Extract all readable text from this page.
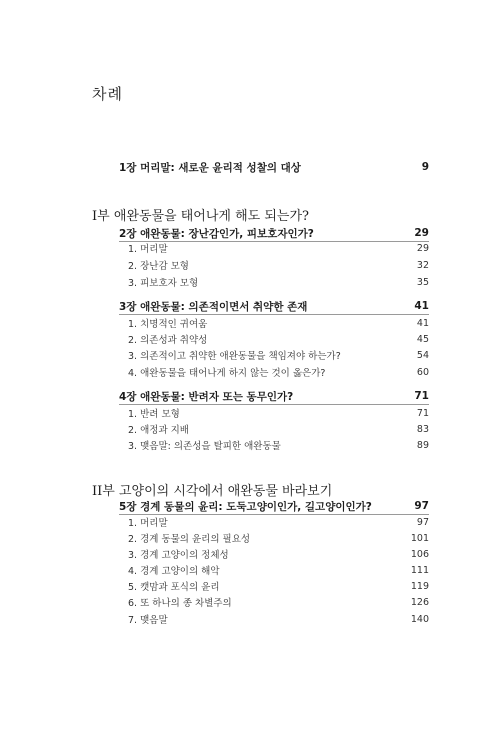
차례
1장 머리말: 새로운 윤리적 성찰의 대상	9
I부 애완동물을 태어나게 해도 되는가?
2장 애완동물: 장난감인가, 피보호자인가?	29
1. 머리말	29
2. 장난감 모형	32
3. 피보호자 모형	35
3장 애완동물: 의존적이면서 취약한 존재	41
1. 치명적인 귀여움	41
2. 의존성과 취약성	45
3. 의존적이고 취약한 애완동물을 책임져야 하는가?	54
4. 애완동물을 태어나게 하지 않는 것이 옳은가?	60
4장 애완동물: 반려자 또는 동무인가?	71
1. 반려 모형	71
2. 애정과 지배	83
3. 맺음말: 의존성을 탈피한 애완동물	89
II부 고양이의 시각에서 애완동물 바라보기
5장 경계 동물의 윤리: 도둑고양이인가, 길고양이인가?	97
1. 머리말	97
2. 경계 동물의 윤리의 필요성	101
3. 경계 고양이의 정체성	106
4. 경계 고양이의 해악	111
5. 캣맘과 포식의 윤리	119
6. 또 하나의 종 차별주의	126
7. 맺음말	140
